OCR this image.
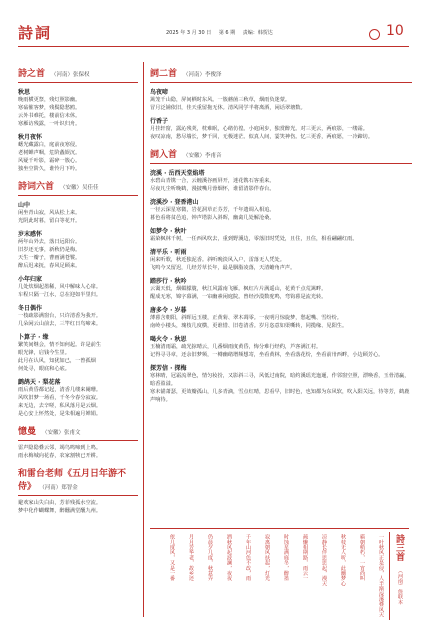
詩詞	2025 年 3 月 30 日 第 6 期 责编：韩贺达	10
詩之首 （河南）张保权
秋思
晚雨横更祭，残灯照影幽。
寒砧催客梦，残鬓隐愁鸥。
云外书难托，楼前信未休。
寒雁访残露，一叶识归舟。
秋月夜怀
蟋光藏露白，庭前夜寒侵。
老树蝉声咽，危阶螽娱沉。
风疑千叶影，霜碎一簇心。
独坐空阶久，谁怜月下吟。
詩词六首 （安徽）吴佳佳
山中
闲坐青山寂，风从松上来。
光阴此时暮，留白等花开。
岁末感怀
两年山外去，落日远阳台。
旧岁还无事，新秋仍是梅。
天生一瓣子，曹画满苍鬟。
醉后迟来抚，春风足顾来。
小年归家
几处炊烟起墨稀，风中解味人心扉。
车程只隔一江水，总在迎如半里归。
冬日偶作
一枝疏影满窗台，只许清香为我开。
几朵闲云山前去，三竿红日鸟啼来。
卜算子 · 缘
繁笑间继会，情不知何起。许是前生
眼光锋，启钱今生里。
此月在认风，知犹如已，一曾孤烟
何处寻，眼底和心底。
鹧鸪天 · 梨花落
雨后黄昏都记起，清香几缕来阑珊。
风吹旧梦一场看，千冬今春分寂寂。
来无边，去辛嗟，私风落月是云烟。
是心安上怀然处，是朱相遍月婵娟。
憶曼 （安徽）张甫文
雷声隐隐叠云邻，竭鸟鸣啼到上鸣。
雨水梅城向花春，农家割犊已开耕。
和雷台老师《五月日年游不侍》 （河南）郑智金
避欢家山失白由，芳菲残孤水空流。
梦中化作蝴蝶舞，醉醺满堂醺九州。
詞二首 （河南）李俊泽
鸟夜啼
篱笼千山隐，屏间栖时东风。一簇蘑菌三秋草，烟雨负迷蒙。
冒月泛铺依旧，佳天重留拖无休。清风同学半将离酒，闲话翠塘数。
行香子
月挂轩窗，露沁残荚，枕难眠，心绪仿徨。小庭闲步，独赏醉光。对三更云，两痕影，一缕霜。
夜叹凉南，愁尽墙长，梦千回，无极迷茫。似真人间，霎笑神伤。忆三更香，两痕愿，一冷蹄坊。
詞入首 （安徽）李甫音
浣溪 · 岳西天堂焰塔
水碧山青镌一合，云缠溪谷画屏开，迷花镌石客重来。
尽夜凡尘听晚鹤，漫披嘴月蓉烟怀，谁留清影伴春台。
浣溪沙 · 登香港山
一径云深星寒微，岩花洞草正芬芳，千年遗调入相追。
暮色看将贫邑追，钟声塔影入斜晖，幽禽几处解沧桑。
如梦令 · 秋叶
霜染枫林千树，一任西风吹去，重到野溪边，零落旧时凭处，且住，且住，相看翩翩红雨。
清平乐 · 听雨
闲来听歌，秋近独泥香。斜听晚淡风入户，雷落无人凭处。
飞鸣今又留迟，几经芳草长年，最是胭脂凌落，天清蟾角声声。
踏莎行 · 秋吟
云霭天低，烟媚朦胧，秋江风露南飞雁。枫红片片满遥山，花黄千点荒篱畔。
醒成无寒，锦字幕满，一帘幽素闲庭院。曾经沙漠数驼鸣，弯钩暮是流光转。
唐多令 · 岁暮
薄暮含朝阳，斜晖远玉楼，正黄菊、翠木凋零。一夜明月惊旋梦，愁起嘴、雪纷纷。
南岭小楼头，瑰枝几度横，更谁惜、旧卷清香。岁月恣意如渠嘶转，同揽缘、见阳生。
喝火令 · 秋思
玉楠清雨霜，疏光掠晴云，几番烟雨度黄昏，悔分难行经约，芦客满江村。
记得寻寻章，还余旧梦频，一樽幽绪增频想寄，坐看黄林，坐看落花纷，坐看前卅西畔，小边顾芳心。
探芳信 · 探梅
寒林晴，冠霜流翠色，情匀妆扮，又影斜三寻，风低过南院，暗约溪瑶光迤逦，作邻窗空照，漂唤香，玉骨清赢，暗香盈溢。
寒未锚萧瑟，更效瓣孤山，几多青滴，雪点红晴，思看早，旧时色，也知都为东风软，吹入阳关远，待等芳，鹤鹿声响待。
詩三首
（河南）詹联本
一叶秋风正是侵，人半渐深溪叠风天
霸朝稍朽，一宵尚叫
秋枝无人听，此幽梦心
凉静长伴思思起，漫天
疏懒相期路，雨云一
时蚀星满庭冬，醉墨
寂离朝风扶起，灯光
千年山河色不改，雨
洒秋风起波澜，夜夜
仍晨夕几度，秋意弄
月月芳华老，故乡还
依几度风，又是一番
